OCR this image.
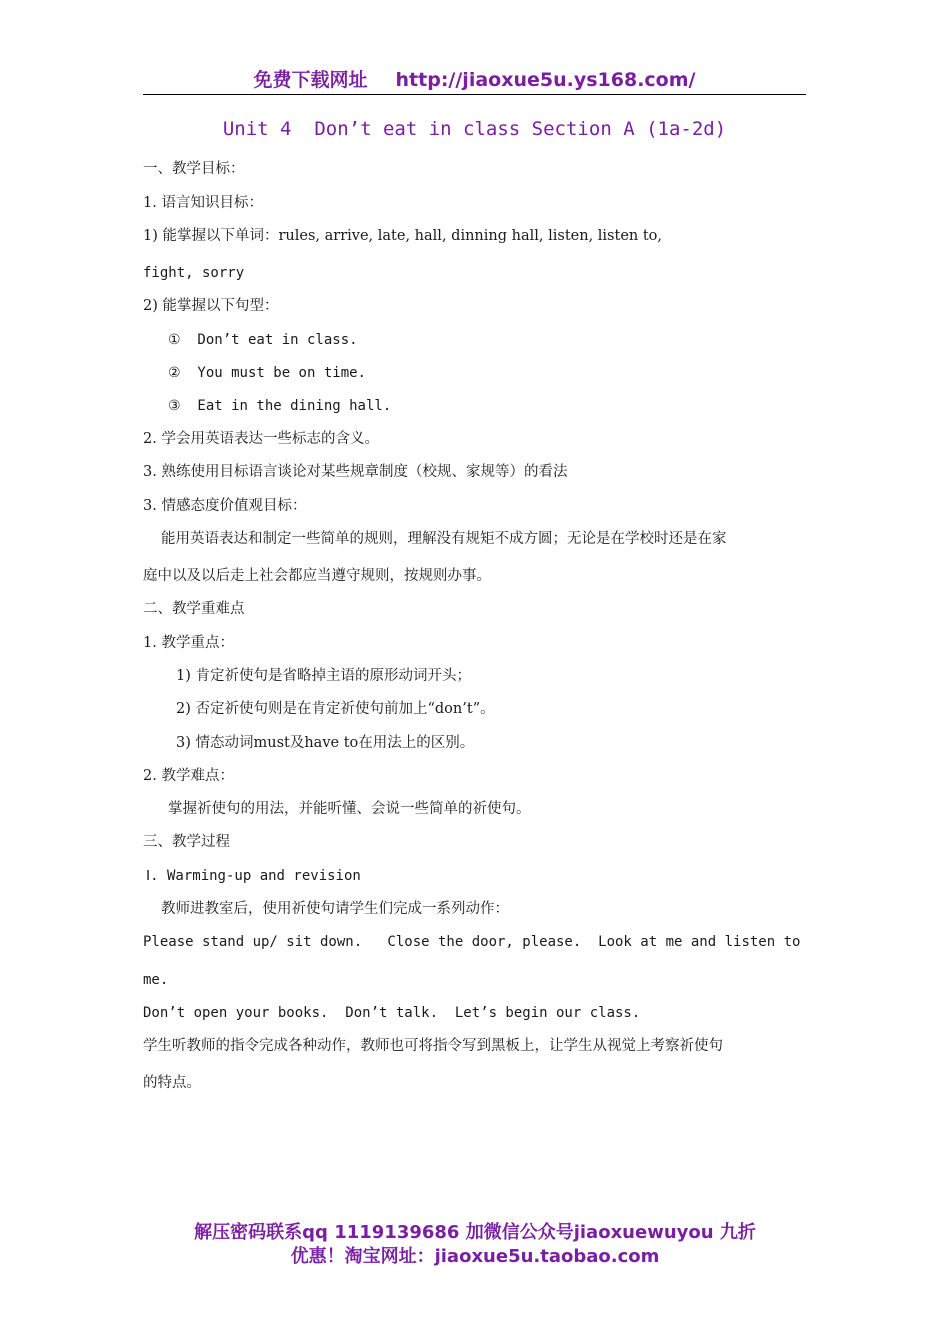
免费下载网址 http://jiaoxue5u.ys168.com/
Unit 4  Don’t eat in class Section A (1a-2d)
一、教学目标：
1. 语言知识目标：
1) 能掌握以下单词：rules, arrive, late, hall, dinning hall, listen, listen to,
fight, sorry
2) 能掌握以下句型：
①  Don’t eat in class.
②  You must be on time.
③  Eat in the dining hall.
2. 学会用英语表达一些标志的含义。
3. 熟练使用目标语言谈论对某些规章制度（校规、家规等）的看法
3. 情感态度价值观目标：
能用英语表达和制定一些简单的规则，理解没有规矩不成方圆；无论是在学校时还是在家
庭中以及以后走上社会都应当遵守规则，按规则办事。
二、教学重难点
1. 教学重点：
1) 肯定祈使句是省略掉主语的原形动词开头；
2) 否定祈使句则是在肯定祈使句前加上“don’t”。
3) 情态动词must及have to在用法上的区别。
2. 教学难点：
掌握祈使句的用法，并能听懂、会说一些简单的祈使句。
三、教学过程
Ⅰ. Warming-up and revision
教师进教室后，使用祈使句请学生们完成一系列动作：
Please stand up/ sit down.   Close the door, please.  Look at me and listen to
me.
Don’t open your books.  Don’t talk.  Let’s begin our class.
学生听教师的指令完成各种动作，教师也可将指令写到黑板上，让学生从视觉上考察祈使句
的特点。
解压密码联系qq 1119139686 加微信公众号jiaoxuewuyou 九折
优惠！淘宝网址：jiaoxue5u.taobao.com
